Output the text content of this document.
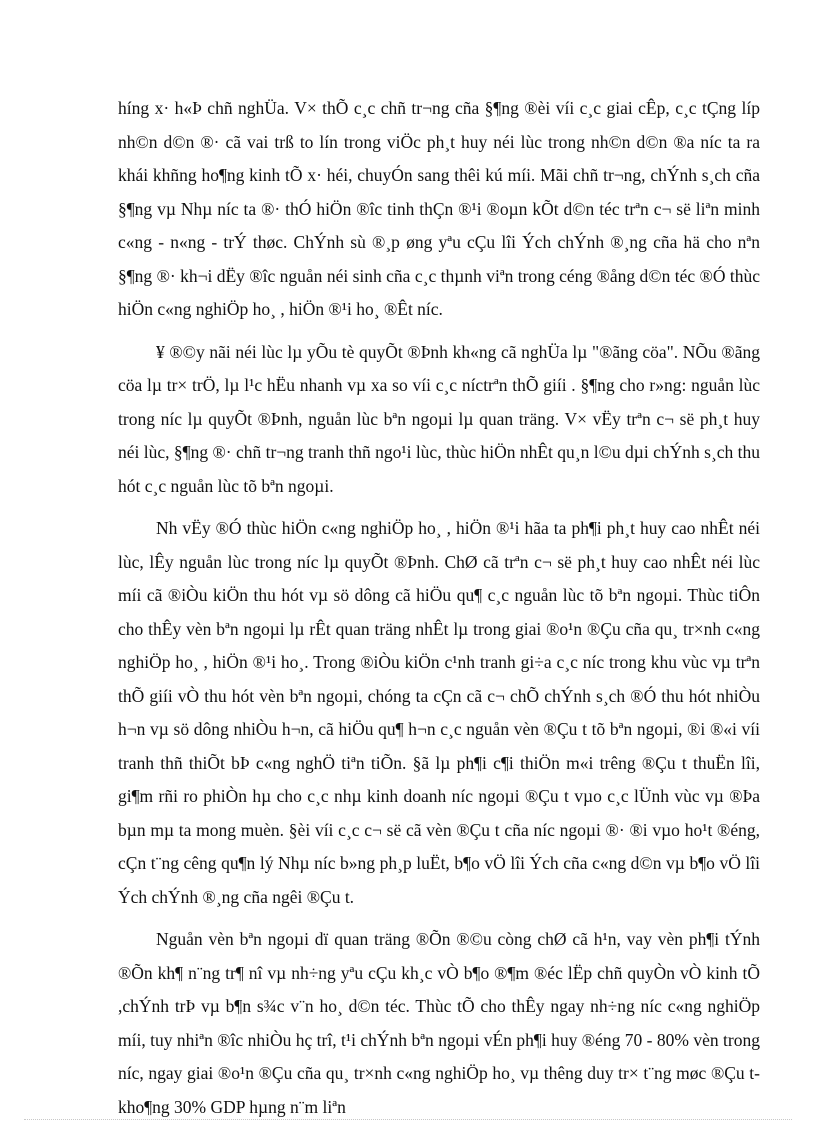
híng x· h«Þ chñ nghÜa. V× thÕ c¸c chñ tr¬ng cña §¶ng ®èi víi c¸c giai cÊp, c¸c tÇng líp nh©n d©n ®· cã vai trß to lín trong viÖc ph¸t huy néi lùc trong nh©n d©n ®a níc ta ra khái khñng ho¶ng kinh tÕ x· héi, chuyÓn sang thêi kú míi. Mãi chñ tr¬ng, chÝnh s¸ch cña §¶ng vµ Nhµ níc ta ®· thÓ hiÖn ®îc tinh thÇn ®¹i ®oµn kÕt d©n téc trªn c¬ së liªn minh c«ng - n«ng - trÝ thøc. ChÝnh sù ®¸p øng yªu cÇu lîi Ých chÝnh ®¸ng cña hä cho nªn §¶ng ®· kh¬i dËy ®îc nguån néi sinh cña c¸c thµnh viªn trong céng ®ång d©n téc ®Ó thùc hiÖn c«ng nghiÖp ho¸ , hiÖn ®¹i ho¸ ®Êt níc.

¥ ®©y nãi néi lùc lµ yÕu tè quyÕt ®Þnh kh«ng cã nghÜa lµ "®ãng cöa". NÕu ®ãng cöa lµ tr× trÖ, lµ l¹c hËu nhanh vµ xa so víi c¸c níctrªn thÕ giíi . §¶ng cho r»ng: nguån lùc trong níc lµ quyÕt ®Þnh, nguån lùc bªn ngoµi lµ quan träng. V× vËy trªn c¬ së ph¸t huy néi lùc, §¶ng ®· chñ tr¬ng tranh thñ ngo¹i lùc, thùc hiÖn nhÊt qu¸n l©u dµi chÝnh s¸ch thu hót c¸c nguån lùc tõ bªn ngoµi.

Nh vËy ®Ó thùc hiÖn c«ng nghiÖp ho¸ , hiÖn ®¹i hãa ta ph¶i ph¸t huy cao nhÊt néi lùc, lÊy nguån lùc trong níc lµ quyÕt ®Þnh. ChØ cã trªn c¬ së ph¸t huy cao nhÊt néi lùc míi cã ®iÒu kiÖn thu hót vµ sö dông cã hiÖu qu¶ c¸c nguån lùc tõ bªn ngoµi. Thùc tiÔn cho thÊy vèn bªn ngoµi lµ rÊt quan träng nhÊt lµ trong giai ®o¹n ®Çu cña qu¸ tr×nh c«ng nghiÖp ho¸ , hiÖn ®¹i ho¸. Trong ®iÒu kiÖn c¹nh tranh gi÷a c¸c níc trong khu vùc vµ trªn thÕ giíi vÒ thu hót vèn bªn ngoµi, chóng ta cÇn cã c¬ chÕ chÝnh s¸ch ®Ó thu hót nhiÒu h¬n vµ sö dông nhiÒu h¬n, cã hiÖu qu¶ h¬n c¸c nguån vèn ®Çu t tõ bªn ngoµi, ®i ®«i víi tranh thñ thiÕt bÞ c«ng nghÖ tiªn tiÕn. §ã lµ ph¶i c¶i thiÖn m«i trêng ®Çu t thuËn lîi, gi¶m rñi ro phiÒn hµ cho c¸c nhµ kinh doanh níc ngoµi ®Çu t vµo c¸c lÜnh vùc vµ ®Þa bµn mµ ta mong muèn. §èi víi c¸c c¬ së cã vèn ®Çu t cña níc ngoµi ®· ®i vµo ho¹t ®éng, cÇn t¨ng cêng qu¶n lý Nhµ níc b»ng ph¸p luËt, b¶o vÖ lîi Ých cña c«ng d©n vµ b¶o vÖ lîi Ých chÝnh ®¸ng cña ngêi ®Çu t.

Nguån vèn bªn ngoµi dï quan träng ®Õn ®©u còng chØ cã h¹n, vay vèn ph¶i tÝnh ®Õn kh¶ n¨ng tr¶ nî vµ nh÷ng yªu cÇu kh¸c vÒ b¶o ®¶m ®éc lËp chñ quyÒn vÒ kinh tÕ ,chÝnh trÞ vµ b¶n s¾c v¨n ho¸ d©n téc. Thùc tÕ cho thÊy ngay nh÷ng níc c«ng nghiÖp míi, tuy nhiªn ®îc nhiÒu hç trî, t¹i chÝnh bªn ngoµi vÉn ph¶i huy ®éng 70 - 80% vèn trong níc, ngay giai ®o¹n ®Çu cña qu¸ tr×nh c«ng nghiÖp ho¸ vµ thêng duy tr× t¨ng møc ®Çu t kho¶ng 30% GDP hµng n¨m liªn
